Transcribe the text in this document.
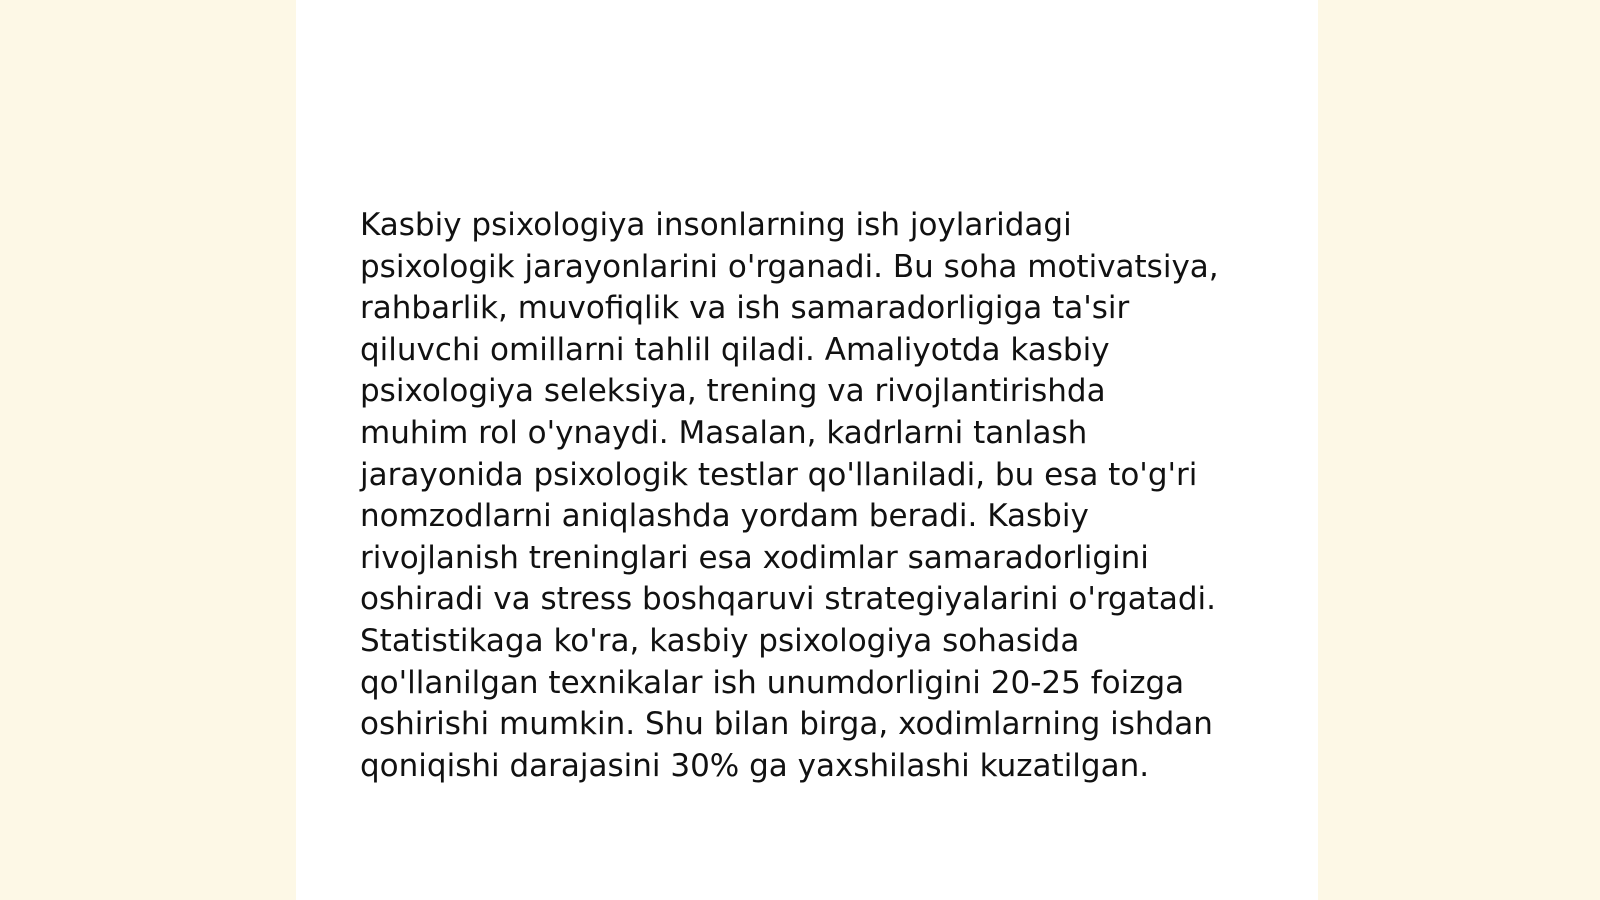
Kasbiy psixologiya insonlarning ish joylaridagi psixologik jarayonlarini o'rganadi. Bu soha motivatsiya, rahbarlik, muvofiqlik va ish samaradorligiga ta'sir qiluvchi omillarni tahlil qiladi. Amaliyotda kasbiy psixologiya seleksiya, trening va rivojlantirishda muhim rol o'ynaydi. Masalan, kadrlarni tanlash jarayonida psixologik testlar qo'llaniladi, bu esa to'g'ri nomzodlarni aniqlashda yordam beradi. Kasbiy rivojlanish treninglari esa xodimlar samaradorligini oshiradi va stress boshqaruvi strategiyalarini o'rgatadi. Statistikaga ko'ra, kasbiy psixologiya sohasida qo'llanilgan texnikalar ish unumdorligini 20-25 foizga oshirishi mumkin. Shu bilan birga, xodimlarning ishdan qoniqishi darajasini 30% ga yaxshilashi kuzatilgan.
